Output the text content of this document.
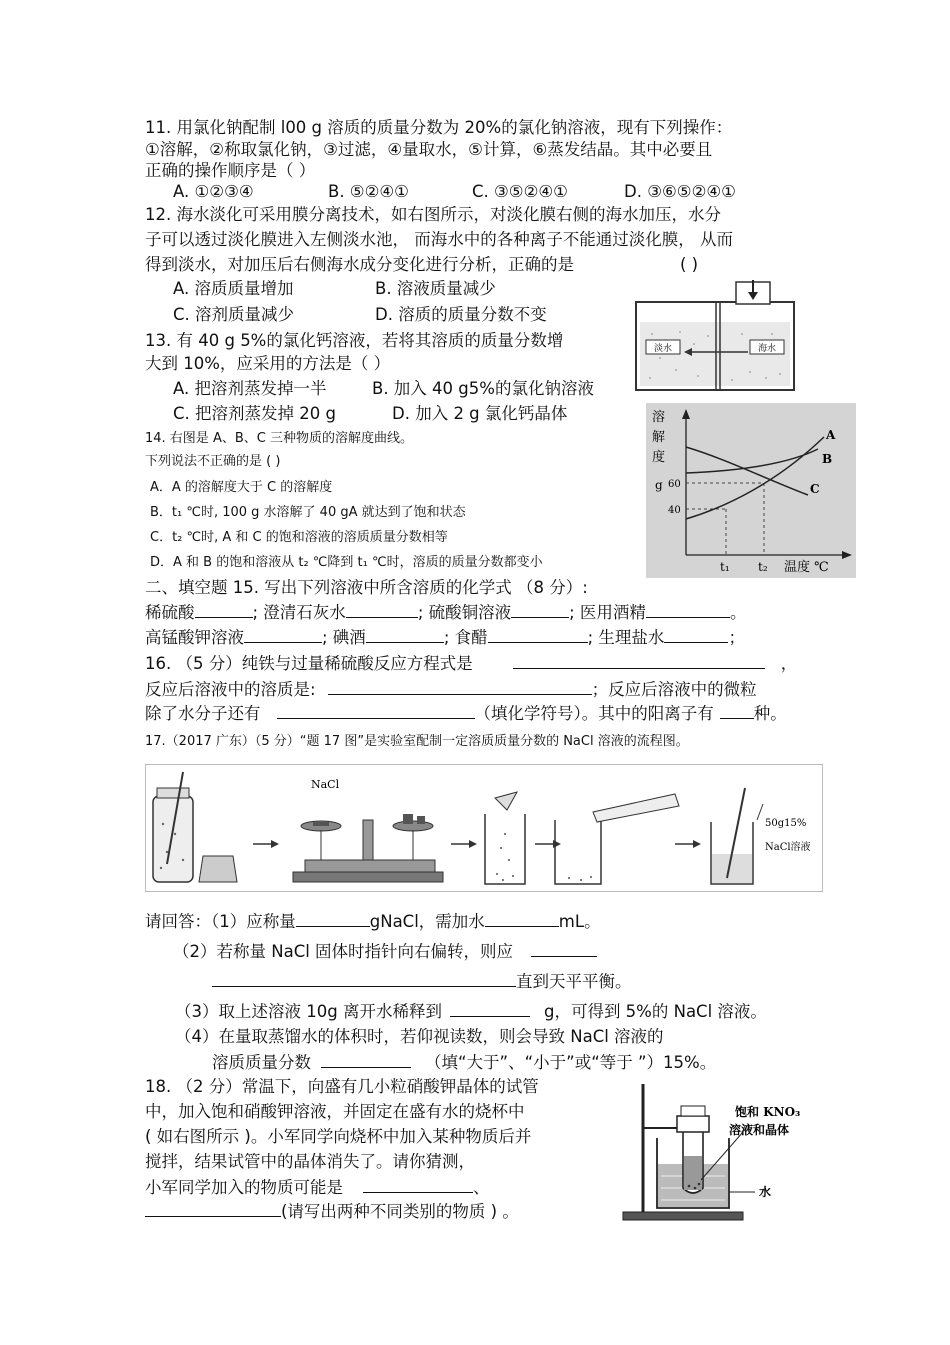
11. 用氯化钠配制 l00 g 溶质的质量分数为 20%的氯化钠溶液，现有下列操作：
①溶解，②称取氯化钠，③过滤，④量取水，⑤计算，⑥蒸发结晶。其中必要且
正确的操作顺序是（ ）
A. ①②③④	B. ⑤②④①	C. ③⑤②④①	D. ③⑥⑤②④①
12. 海水淡化可采用膜分离技术，如右图所示，对淡化膜右侧的海水加压，水分
子可以透过淡化膜进入左侧淡水池， 而海水中的各种离子不能通过淡化膜， 从而
得到淡水，对加压后右侧海水成分变化进行分析，正确的是	( )
A. 溶质质量增加	B. 溶液质量减少
C. 溶剂质量减少	D. 溶质的质量分数不变
淡水	海水
13. 有 40 g 5%的氯化钙溶液，若将其溶质的质量分数增
大到 10%，应采用的方法是（ ）
A. 把溶剂蒸发掉一半	B. 加入 40 g5%的氯化钠溶液
C. 把溶剂蒸发掉 20 g	D. 加入 2 g 氯化钙晶体
14. 右图是 A、B、C 三种物质的溶解度曲线。
下列说法不正确的是 ( )
A．A 的溶解度大于 C 的溶解度
B．t₁ ℃时, 100 g 水溶解了 40 gA 就达到了饱和状态
C．t₂ ℃时, A 和 C 的饱和溶液的溶质质量分数相等
D．A 和 B 的饱和溶液从 t₂ ℃降到 t₁ ℃时，溶质的质量分数都变小
溶
解
度
g 60
40
A
B
C
t₁ t₂ 温度 ℃
二、填空题 15. 写出下列溶液中所含溶质的化学式 （8 分）:
稀硫酸	; 澄清石灰水	; 硫酸铜溶液	; 医用酒精	。
高锰酸钾溶液	; 碘酒	; 食醋	; 生理盐水	；
16. （5 分）纯铁与过量稀硫酸反应方程式是	，
反应后溶液中的溶质是:	；反应后溶液中的微粒
除了水分子还有	（填化学符号）。其中的阳离子有 种。
17.（2017 广东）（5 分）“题 17 图”是实验室配制一定溶质质量分数的 NaCl 溶液的流程图。
NaCl
50g15%
NaCl溶液
请回答：（1）应称量	gNaCl，需加水	mL。
（2）若称量 NaCl 固体时指针向右偏转，则应
直到天平平衡。
（3）取上述溶液 10g 离开水稀释到	g，可得到 5%的 NaCl 溶液。
（4）在量取蒸馏水的体积时，若仰视读数，则会导致 NaCl 溶液的
溶质质量分数	（填“大于”、“小于”或“等于 ”）15%。
18. （2 分）常温下，向盛有几小粒硝酸钾晶体的试管
中，加入饱和硝酸钾溶液，并固定在盛有水的烧杯中
( 如右图所示 )。小军同学向烧杯中加入某种物质后并
搅拌，结果试管中的晶体消失了。请你猜测，
小军同学加入的物质可能是	、
(请写出两种不同类别的物质 ) 。
饱和 KNO₃
溶液和晶体
水
